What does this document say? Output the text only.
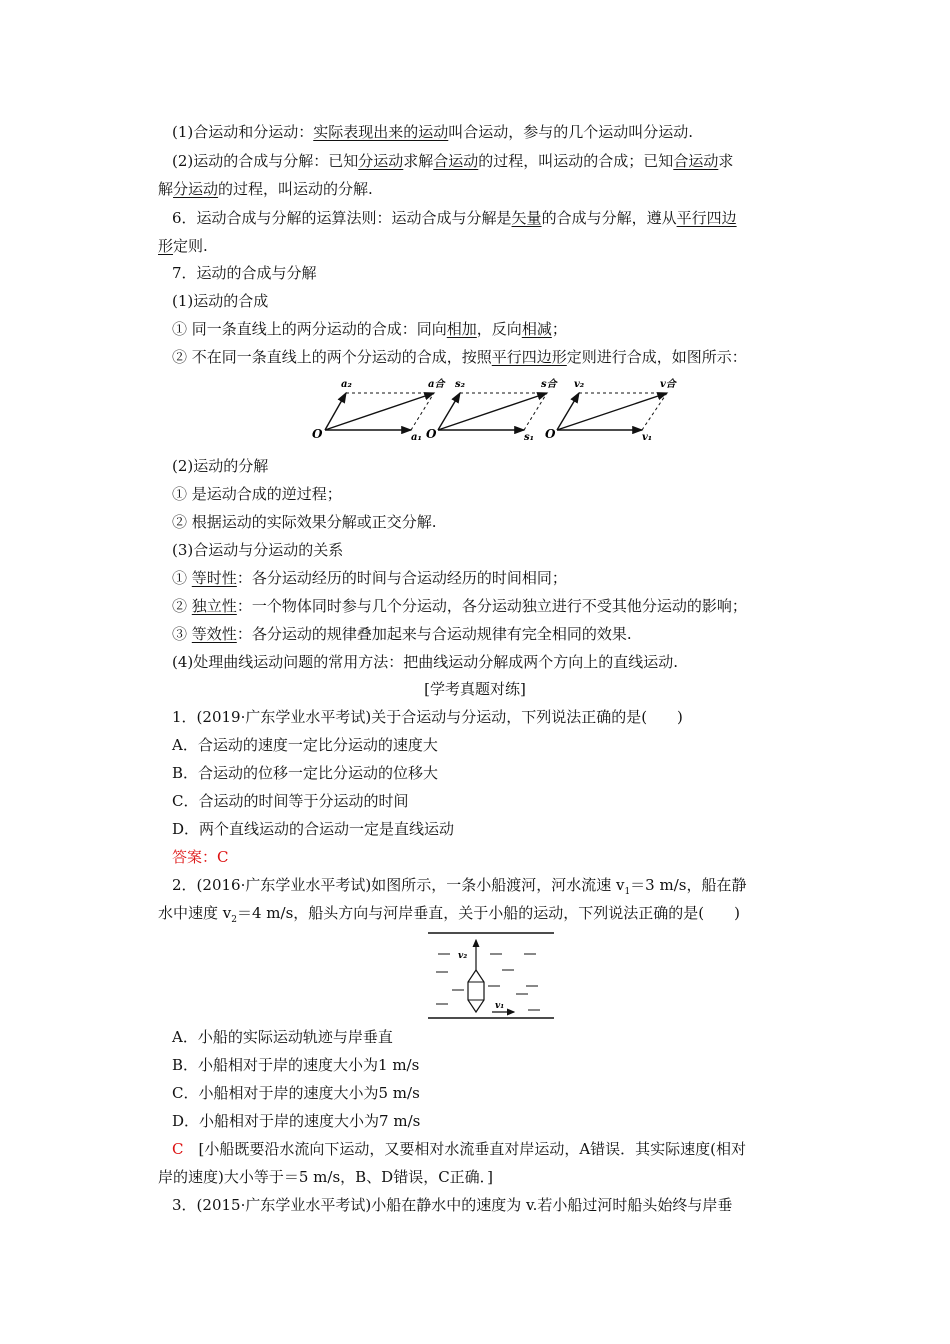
(1)合运动和分运动：实际表现出来的运动叫合运动，参与的几个运动叫分运动.
(2)运动的合成与分解：已知分运动求解合运动的过程，叫运动的合成；已知合运动求
解分运动的过程，叫运动的分解.
6．运动合成与分解的运算法则：运动合成与分解是矢量的合成与分解，遵从平行四边
形定则.
7．运动的合成与分解
(1)运动的合成
① 同一条直线上的两分运动的合成：同向相加，反向相减；
② 不在同一条直线上的两个分运动的合成，按照平行四边形定则进行合成，如图所示：
O
a₂	a合
a₁ O
s₂	s合
s₁ O
v₂	v合
v₁
(2)运动的分解
① 是运动合成的逆过程；
② 根据运动的实际效果分解或正交分解.
(3)合运动与分运动的关系
① 等时性：各分运动经历的时间与合运动经历的时间相同；
② 独立性：一个物体同时参与几个分运动，各分运动独立进行不受其他分运动的影响；
③ 等效性：各分运动的规律叠加起来与合运动规律有完全相同的效果.
(4)处理曲线运动问题的常用方法：把曲线运动分解成两个方向上的直线运动.
[学考真题对练]
1．(2019·广东学业水平考试)关于合运动与分运动，下列说法正确的是(　　)
A．合运动的速度一定比分运动的速度大
B．合运动的位移一定比分运动的位移大
C．合运动的时间等于分运动的时间
D．两个直线运动的合运动一定是直线运动
答案：C
2．(2016·广东学业水平考试)如图所示，一条小船渡河，河水流速 $v_1=3$ m/s，船在静
水中速度 $v_2=4$ m/s，船头方向与河岸垂直，关于小船的运动，下列说法正确的是(　　)
v₂
v₁
A．小船的实际运动轨迹与岸垂直
B．小船相对于岸的速度大小为1 m/s
C．小船相对于岸的速度大小为5 m/s
D．小船相对于岸的速度大小为7 m/s
C　[小船既要沿水流向下运动，又要相对水流垂直对岸运动，A错误．其实际速度(相对
岸的速度)大小等于＝5 m/s，B、D错误，C正确．]
3．(2015·广东学业水平考试)小船在静水中的速度为 v.若小船过河时船头始终与岸垂
